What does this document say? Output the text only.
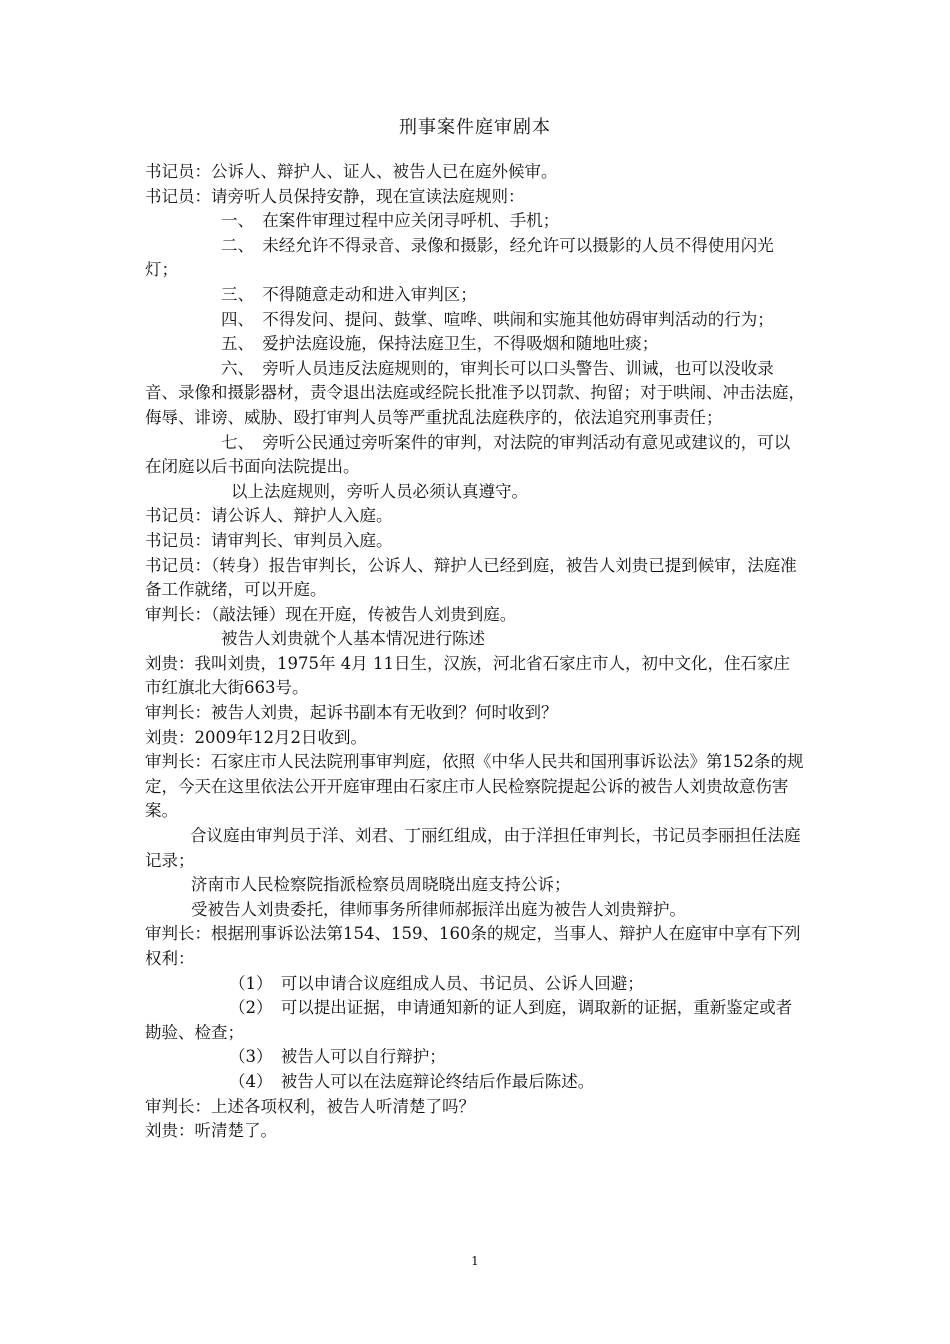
刑事案件庭审剧本

书记员：公诉人、辩护人、证人、被告人已在庭外候审。

书记员：请旁听人员保持安静，现在宣读法庭规则：

一、　在案件审理过程中应关闭寻呼机、手机；

二、　未经允许不得录音、录像和摄影，经允许可以摄影的人员不得使用闪光灯；

三、　不得随意走动和进入审判区；

四、　不得发问、提问、鼓掌、喧哗、哄闹和实施其他妨碍审判活动的行为；

五、　爱护法庭设施，保持法庭卫生，不得吸烟和随地吐痰；

六、　旁听人员违反法庭规则的，审判长可以口头警告、训诫，也可以没收录音、录像和摄影器材，责令退出法庭或经院长批准予以罚款、拘留；对于哄闹、冲击法庭，侮辱、诽谤、威胁、殴打审判人员等严重扰乱法庭秩序的，依法追究刑事责任；

七、　旁听公民通过旁听案件的审判，对法院的审判活动有意见或建议的，可以在闭庭以后书面向法院提出。

以上法庭规则，旁听人员必须认真遵守。

书记员：请公诉人、辩护人入庭。

书记员：请审判长、审判员入庭。

书记员：（转身）报告审判长，公诉人、辩护人已经到庭，被告人刘贵已提到候审，法庭准备工作就绪，可以开庭。

审判长：（敲法锤）现在开庭，传被告人刘贵到庭。

被告人刘贵就个人基本情况进行陈述

刘贵：我叫刘贵，1975年 4月 11日生，汉族，河北省石家庄市人，初中文化，住石家庄市红旗北大街663号。

审判长：被告人刘贵，起诉书副本有无收到？何时收到？

刘贵：2009年12月2日收到。

审判长：石家庄市人民法院刑事审判庭，依照《中华人民共和国刑事诉讼法》第152条的规定，今天在这里依法公开开庭审理由石家庄市人民检察院提起公诉的被告人刘贵故意伤害案。

合议庭由审判员于洋、刘君、丁丽红组成，由于洋担任审判长，书记员李丽担任法庭记录；

济南市人民检察院指派检察员周晓晓出庭支持公诉；

受被告人刘贵委托，律师事务所律师郝振洋出庭为被告人刘贵辩护。

审判长：根据刑事诉讼法第154、159、160条的规定，当事人、辩护人在庭审中享有下列权利：

（1）　可以申请合议庭组成人员、书记员、公诉人回避；

（2）　可以提出证据，申请通知新的证人到庭，调取新的证据，重新鉴定或者勘验、检查；

（3）　被告人可以自行辩护；

（4）　被告人可以在法庭辩论终结后作最后陈述。

审判长：上述各项权利，被告人听清楚了吗？

刘贵：听清楚了。

1
